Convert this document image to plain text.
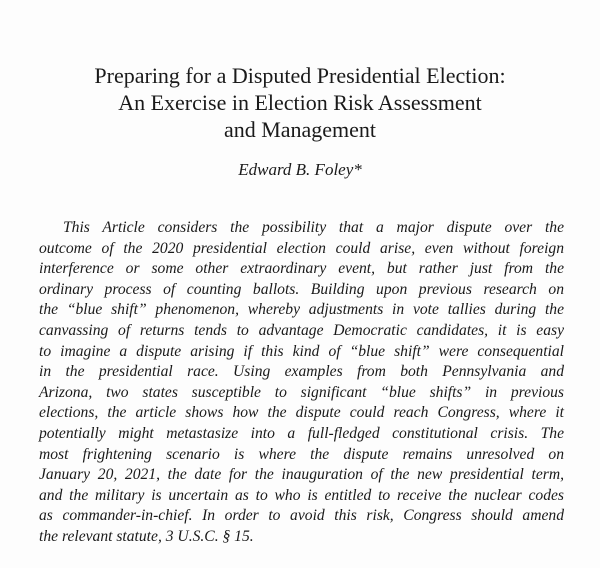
Preparing for a Disputed Presidential Election:
An Exercise in Election Risk Assessment
and Management

Edward B. Foley*

This Article considers the possibility that a major dispute over the
outcome of the 2020 presidential election could arise, even without foreign
interference or some other extraordinary event, but rather just from the
ordinary process of counting ballots. Building upon previous research on
the “blue shift” phenomenon, whereby adjustments in vote tallies during the
canvassing of returns tends to advantage Democratic candidates, it is easy
to imagine a dispute arising if this kind of “blue shift” were consequential
in the presidential race. Using examples from both Pennsylvania and
Arizona, two states susceptible to significant “blue shifts” in previous
elections, the article shows how the dispute could reach Congress, where it
potentially might metastasize into a full-fledged constitutional crisis. The
most frightening scenario is where the dispute remains unresolved on
January 20, 2021, the date for the inauguration of the new presidential term,
and the military is uncertain as to who is entitled to receive the nuclear codes
as commander-in-chief. In order to avoid this risk, Congress should amend
the relevant statute, 3 U.S.C. § 15.
